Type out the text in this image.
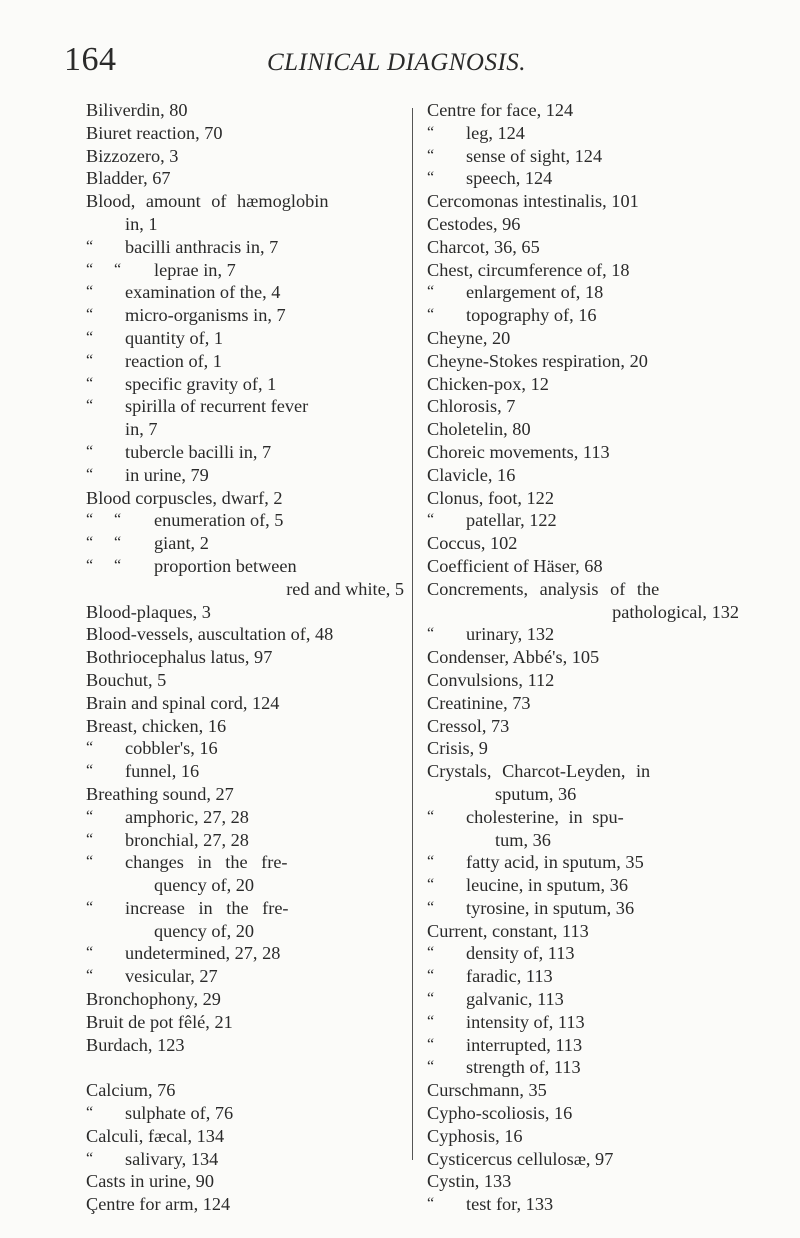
164	CLINICAL DIAGNOSIS.
Biliverdin, 80
Biuret reaction, 70
Bizzozero, 3
Bladder, 67
Blood, amount of hæmoglobin
in, 1
“ bacilli anthracis in, 7
“ “ leprae in, 7
“ examination of the, 4
“ micro-organisms in, 7
“ quantity of, 1
“ reaction of, 1
“ specific gravity of, 1
“ spirilla of recurrent fever
in, 7
“ tubercle bacilli in, 7
“ in urine, 79
Blood corpuscles, dwarf, 2
“ “ enumeration of, 5
“ “ giant, 2
“ “ proportion between
red and white, 5
Blood-plaques, 3
Blood-vessels, auscultation of, 48
Bothriocephalus latus, 97
Bouchut, 5
Brain and spinal cord, 124
Breast, chicken, 16
“ cobbler's, 16
“ funnel, 16
Breathing sound, 27
“ amphoric, 27, 28
“ bronchial, 27, 28
“ changes in the fre-
quency of, 20
“ increase in the fre-
quency of, 20
“ undetermined, 27, 28
“ vesicular, 27
Bronchophony, 29
Bruit de pot fêlé, 21
Burdach, 123
Calcium, 76
“ sulphate of, 76
Calculi, fæcal, 134
“ salivary, 134
Casts in urine, 90
Çentre for arm, 124
Centre for face, 124
“ leg, 124
“ sense of sight, 124
“ speech, 124
Cercomonas intestinalis, 101
Cestodes, 96
Charcot, 36, 65
Chest, circumference of, 18
“ enlargement of, 18
“ topography of, 16
Cheyne, 20
Cheyne-Stokes respiration, 20
Chicken-pox, 12
Chlorosis, 7
Choletelin, 80
Choreic movements, 113
Clavicle, 16
Clonus, foot, 122
“ patellar, 122
Coccus, 102
Coefficient of Häser, 68
Concrements, analysis of the
pathological, 132
“ urinary, 132
Condenser, Abbé's, 105
Convulsions, 112
Creatinine, 73
Cressol, 73
Crisis, 9
Crystals, Charcot-Leyden, in
sputum, 36
“ cholesterine, in spu-
tum, 36
“ fatty acid, in sputum, 35
“ leucine, in sputum, 36
“ tyrosine, in sputum, 36
Current, constant, 113
“ density of, 113
“ faradic, 113
“ galvanic, 113
“ intensity of, 113
“ interrupted, 113
“ strength of, 113
Curschmann, 35
Cypho-scoliosis, 16
Cyphosis, 16
Cysticercus cellulosæ, 97
Cystin, 133
“ test for, 133
